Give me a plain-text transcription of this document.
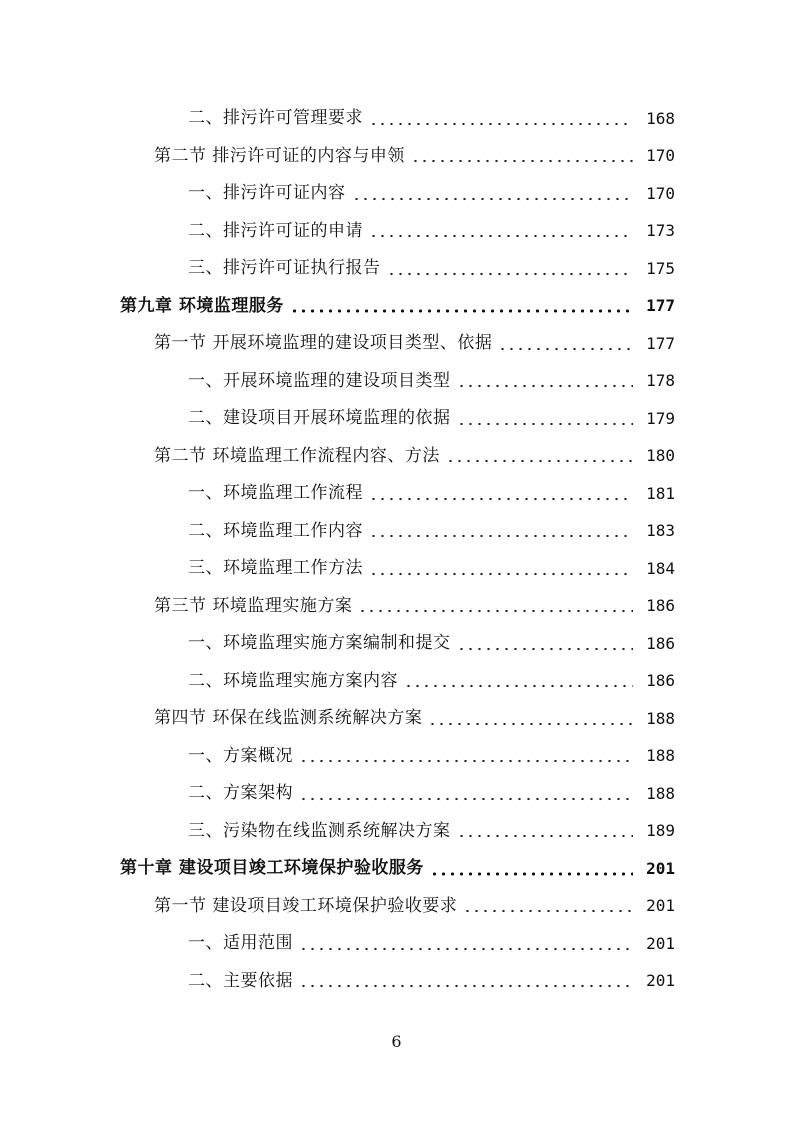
二、排污许可管理要求	168
第二节 排污许可证的内容与申领	170
一、排污许可证内容	170
二、排污许可证的申请	173
三、排污许可证执行报告	175
第九章 环境监理服务	177
第一节 开展环境监理的建设项目类型、依据	177
一、开展环境监理的建设项目类型	178
二、建设项目开展环境监理的依据	179
第二节 环境监理工作流程内容、方法	180
一、环境监理工作流程	181
二、环境监理工作内容	183
三、环境监理工作方法	184
第三节 环境监理实施方案	186
一、环境监理实施方案编制和提交	186
二、环境监理实施方案内容	186
第四节 环保在线监测系统解决方案	188
一、方案概况	188
二、方案架构	188
三、污染物在线监测系统解决方案	189
第十章 建设项目竣工环境保护验收服务	201
第一节 建设项目竣工环境保护验收要求	201
一、适用范围	201
二、主要依据	201
6
